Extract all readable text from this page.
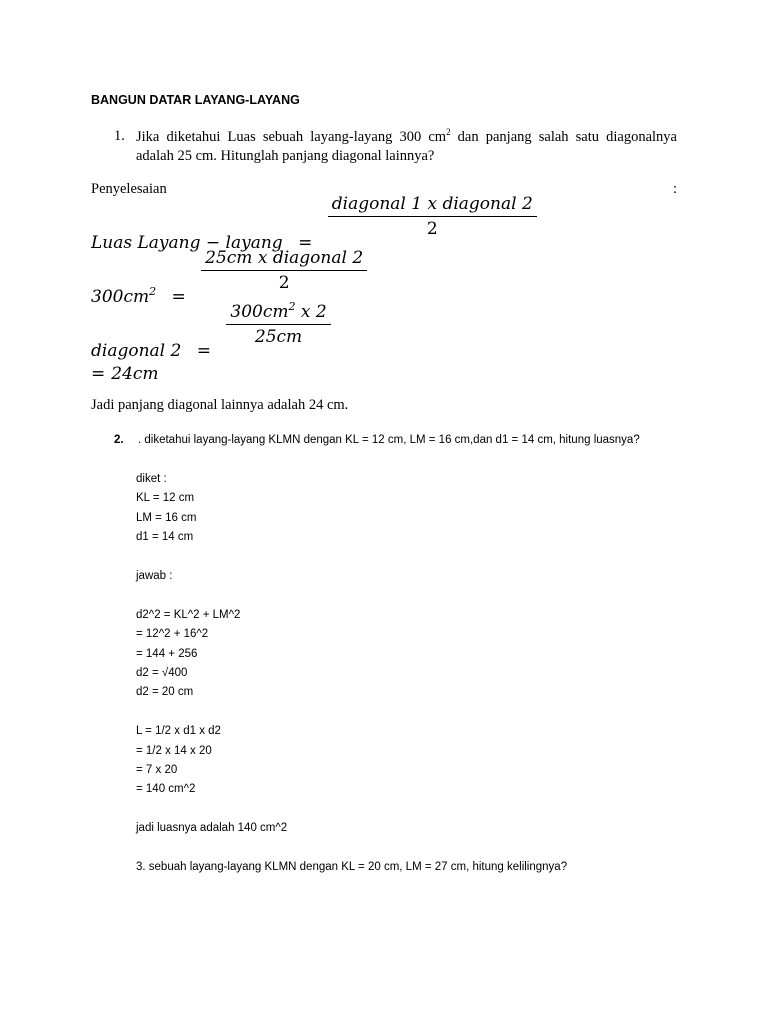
BANGUN DATAR LAYANG-LAYANG
1. Jika diketahui Luas sebuah layang-layang 300 $cm^2$ dan panjang salah satu diagonalnya adalah 25 cm. Hitunglah panjang diagonal lainnya?
Penyelesaian	:
Luas Layang − layang =
$\frac{\text{diagonal 1 x diagonal 2}}{2}$
$300cm^2$ =
$\frac{\text{25cm x diagonal 2}}{2}$
diagonal 2 =
$\frac{300cm^2 x 2}{25cm}$
= 24cm
Jadi panjang diagonal lainnya adalah 24 cm.
2. . diketahui layang-layang KLMN dengan KL = 12 cm, LM = 16 cm,dan d1 = 14 cm, hitung luasnya?
diket :
KL = 12 cm
LM = 16 cm
d1 = 14 cm
jawab :
d2^2 = KL^2 + LM^2
= 12^2 + 16^2
= 144 + 256
d2 = √400
d2 = 20 cm
L = 1/2 x d1 x d2
= 1/2 x 14 x 20
= 7 x 20
= 140 cm^2
jadi luasnya adalah 140 cm^2
3. sebuah layang-layang KLMN dengan KL = 20 cm, LM = 27 cm, hitung kelilingnya?
